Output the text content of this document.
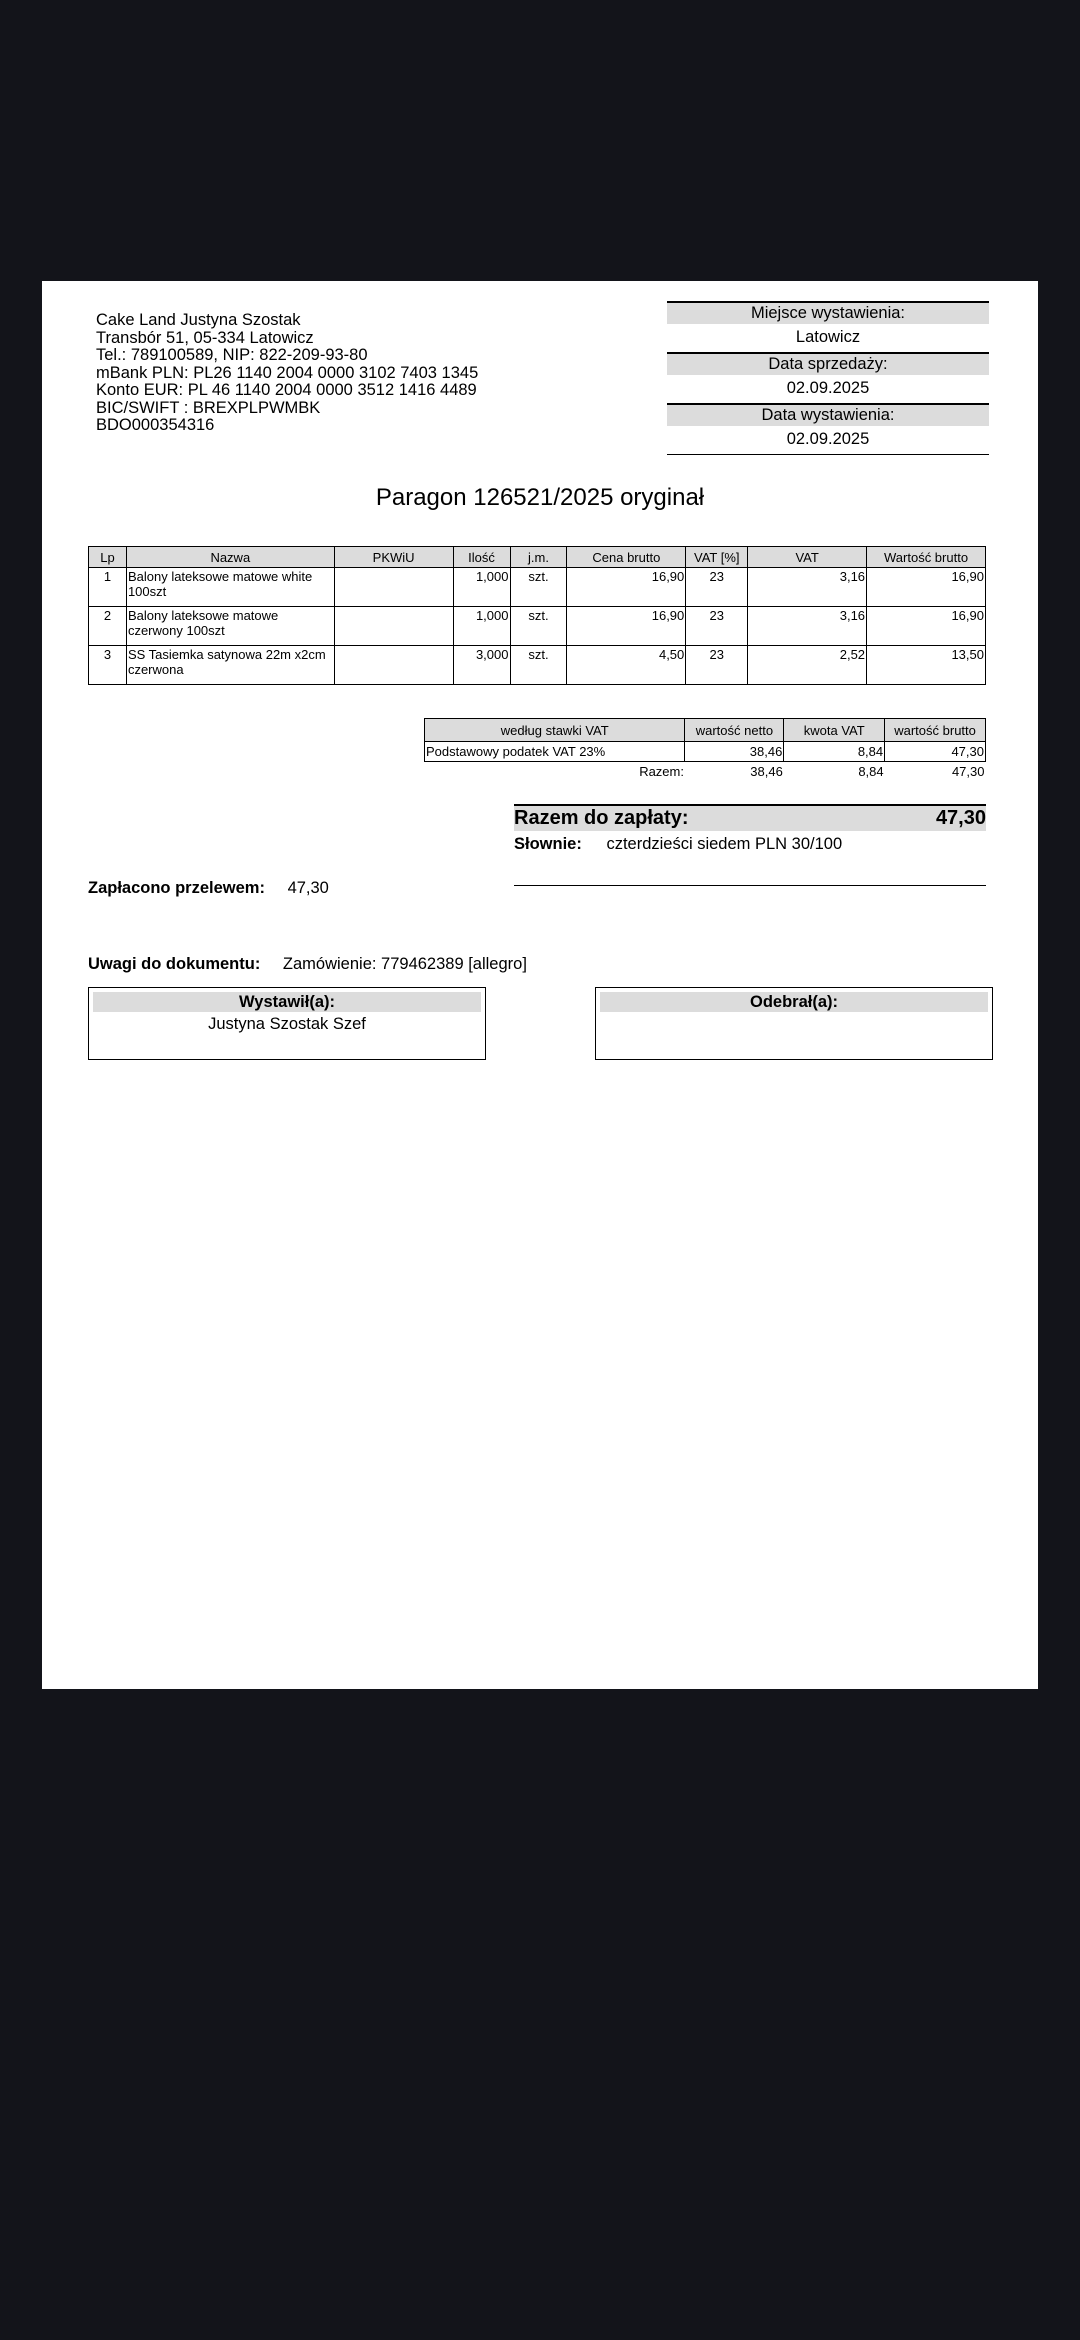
Cake Land Justyna Szostak
Transbór 51, 05-334 Latowicz
Tel.: 789100589, NIP: 822-209-93-80
mBank PLN: PL26 1140 2004 0000 3102 7403 1345
Konto EUR: PL 46 1140 2004 0000 3512 1416 4489
BIC/SWIFT : BREXPLPWMBK
BDO000354316
Miejsce wystawienia:
Latowicz
Data sprzedaży:
02.09.2025
Data wystawienia:
02.09.2025
Paragon 126521/2025 oryginał
Lp	Nazwa	PKWiU	Ilość	j.m.	Cena brutto	VAT [%]	VAT	Wartość brutto
1	Balony lateksowe matowe white 100szt		1,000	szt.	16,90	23	3,16	16,90
2	Balony lateksowe matowe czerwony 100szt		1,000	szt.	16,90	23	3,16	16,90
3	SS Tasiemka satynowa 22m x2cm czerwona		3,000	szt.	4,50	23	2,52	13,50
według stawki VAT	wartość netto	kwota VAT	wartość brutto
Podstawowy podatek VAT 23%	38,46	8,84	47,30
Razem:	38,46	8,84	47,30
Razem do zapłaty:	47,30
Słownie: czterdzieści siedem PLN 30/100
Zapłacono przelewem: 47,30
Uwagi do dokumentu: Zamówienie: 779462389 [allegro]
Wystawił(a):
Justyna Szostak Szef
Odebrał(a):
